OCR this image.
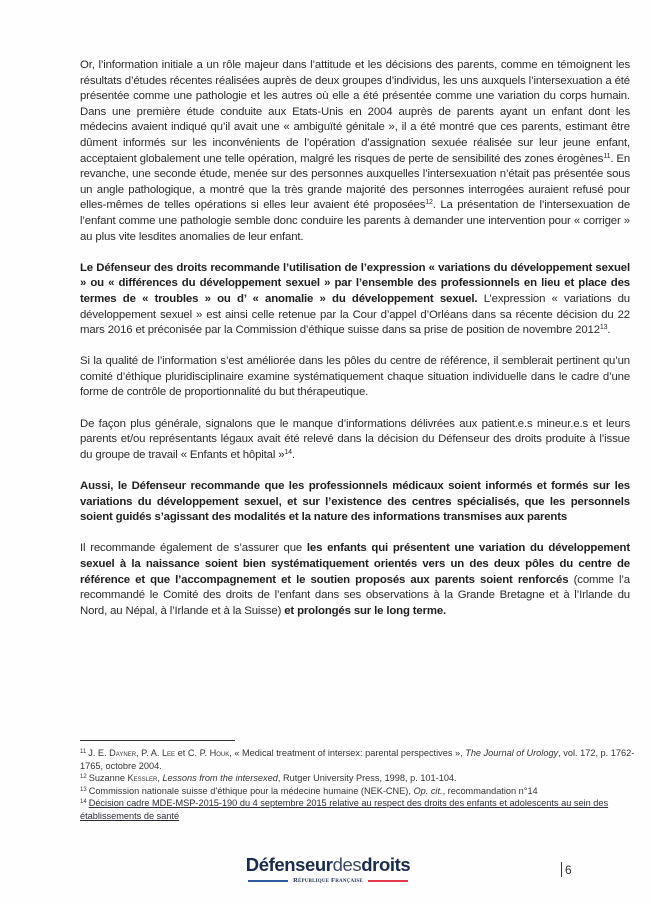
Or, l’information initiale a un rôle majeur dans l’attitude et les décisions des parents, comme en témoignent les résultats d’études récentes réalisées auprès de deux groupes d’individus, les uns auxquels l’intersexuation a été présentée comme une pathologie et les autres où elle a été présentée comme une variation du corps humain. Dans une première étude conduite aux Etats-Unis en 2004 auprès de parents ayant un enfant dont les médecins avaient indiqué qu’il avait une « ambiguïté génitale », il a été montré que ces parents, estimant être dûment informés sur les inconvénients de l’opération d’assignation sexuée réalisée sur leur jeune enfant, acceptaient globalement une telle opération, malgré les risques de perte de sensibilité des zones érogènes$^{11}$. En revanche, une seconde étude, menée sur des personnes auxquelles l’intersexuation n’était pas présentée sous un angle pathologique, a montré que la très grande majorité des personnes interrogées auraient refusé pour elles-mêmes de telles opérations si elles leur avaient été proposées$^{12}$. La présentation de l’intersexuation de l’enfant comme une pathologie semble donc conduire les parents à demander une intervention pour « corriger » au plus vite lesdites anomalies de leur enfant.

Le Défenseur des droits recommande l’utilisation de l’expression « variations du développement sexuel » ou « différences du développement sexuel » par l’ensemble des professionnels en lieu et place des termes de « troubles » ou d’ « anomalie » du développement sexuel. L’expression « variations du développement sexuel » est ainsi celle retenue par la Cour d’appel d’Orléans dans sa récente décision du 22 mars 2016 et préconisée par la Commission d’éthique suisse dans sa prise de position de novembre 2012$^{13}$.

Si la qualité de l’information s’est améliorée dans les pôles du centre de référence, il semblerait pertinent qu’un comité d’éthique pluridisciplinaire examine systématiquement chaque situation individuelle dans le cadre d’une forme de contrôle de proportionnalité du but thérapeutique.

De façon plus générale, signalons que le manque d’informations délivrées aux patient.e.s mineur.e.s et leurs parents et/ou représentants légaux avait été relevé dans la décision du Défenseur des droits produite à l’issue du groupe de travail « Enfants et hôpital »$^{14}$.

Aussi, le Défenseur recommande que les professionnels médicaux soient informés et formés sur les variations du développement sexuel, et sur l’existence des centres spécialisés, que les personnels soient guidés s’agissant des modalités et la nature des informations transmises aux parents

Il recommande également de s’assurer que les enfants qui présentent une variation du développement sexuel à la naissance soient bien systématiquement orientés vers un des deux pôles du centre de référence et que l’accompagnement et le soutien proposés aux parents soient renforcés (comme l’a recommandé le Comité des droits de l’enfant dans ses observations à la Grande Bretagne et à l’Irlande du Nord, au Népal, à l’Irlande et à la Suisse) et prolongés sur le long terme.

$^{11}$ J. E. Dayner, P. A. Lee et C. P. Houk, « Medical treatment of intersex: parental perspectives », The Journal of Urology, vol. 172, p. 1762-1765, octobre 2004.

$^{12}$ Suzanne Kessler, Lessons from the intersexed, Rutger University Press, 1998, p. 101-104.

$^{13}$ Commission nationale suisse d’éthique pour la médecine humaine (NEK-CNE), Op. cit., recommandation n°14

$^{14}$ Décision cadre MDE-MSP-2015-190 du 4 septembre 2015 relative au respect des droits des enfants et adolescents au sein des établissements de santé

Défenseurdesdroits
République Française
6
